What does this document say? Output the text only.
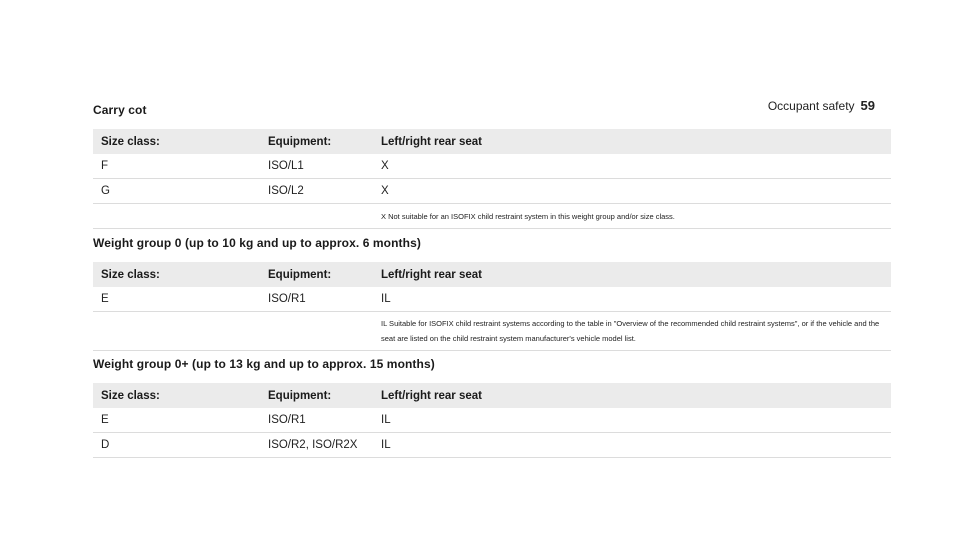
Occupant safety 59
Carry cot
Size class:	Equipment:	Left/right rear seat
F	ISO/L1	X
G	ISO/L2	X
		X Not suitable for an ISOFIX child restraint system in this weight group and/or size class.
Weight group 0 (up to 10 kg and up to approx. 6 months)
Size class:	Equipment:	Left/right rear seat
E	ISO/R1	IL
		IL Suitable for ISOFIX child restraint systems according to the table in "Overview of the recommended child restraint systems", or if the vehicle and the seat are listed on the child restraint system manufacturer's vehicle model list.
Weight group 0+ (up to 13 kg and up to approx. 15 months)
Size class:	Equipment:	Left/right rear seat
E	ISO/R1	IL
D	ISO/R2, ISO/R2X	IL
